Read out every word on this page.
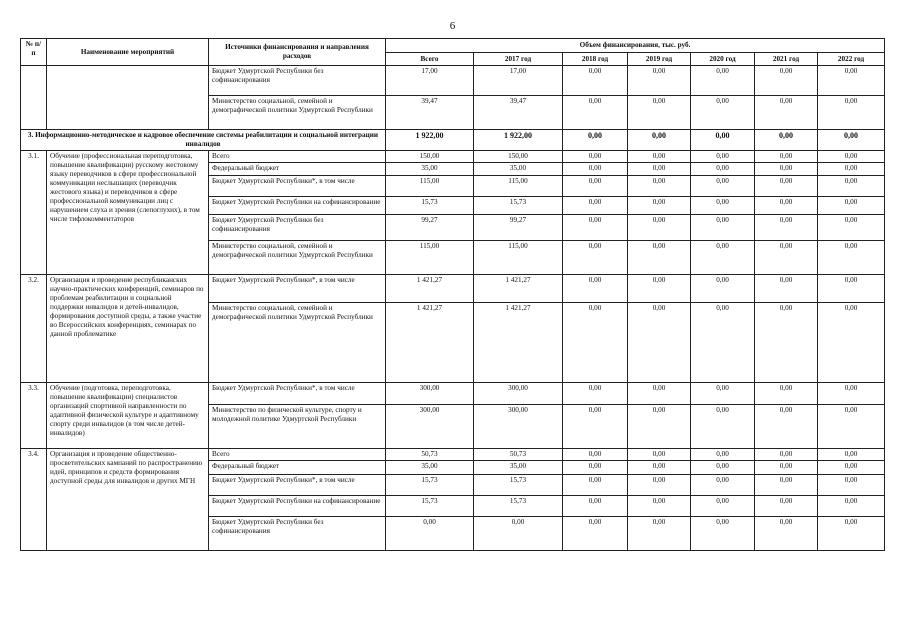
6
№ п/п	Наименование мероприятий	Источники финансирования и направления расходов	Объем финансирования, тыс. руб.						
			Всего	2017 год	2018 год	2019 год	2020 год	2021 год	2022 год
		Бюджет Удмуртской Республики без софинансирования	17,00	17,00	0,00	0,00	0,00	0,00	0,00
		Министерство социальной, семейной и демографической политики Удмуртской Республики	39,47	39,47	0,00	0,00	0,00	0,00	0,00
3. Информационно-методическое и кадровое обеспечение системы реабилитации и социальной интеграции инвалидов			1 922,00	1 922,00	0,00	0,00	0,00	0,00	0,00
3.1.	Обучение (профессиональная переподготовка, повышение квалификации) русскому жестовому языку переводчиков в сфере профессиональной коммуникации неслышащих (переводчик жестового языка) и переводчиков в сфере профессиональной коммуникации лиц с нарушением слуха и зрения (слепоглухих), в том числе тифлокомментаторов	Всего	150,00	150,00	0,00	0,00	0,00	0,00	0,00
		Федеральный бюджет	35,00	35,00	0,00	0,00	0,00	0,00	0,00
		Бюджет Удмуртской Республики*, в том числе	115,00	115,00	0,00	0,00	0,00	0,00	0,00
		Бюджет Удмуртской Республики на софинансирование	15,73	15,73	0,00	0,00	0,00	0,00	0,00
		Бюджет Удмуртской Республики без софинансирования	99,27	99,27	0,00	0,00	0,00	0,00	0,00
		Министерство социальной, семейной и демографической политики Удмуртской Республики	115,00	115,00	0,00	0,00	0,00	0,00	0,00
3.2.	Организация и проведение республиканских научно-практических конференций, семинаров по проблемам реабилитации и социальной поддержки инвалидов и детей-инвалидов, формирования доступной среды, а также участие во Всероссийских конференциях, семинарах по данной проблематике	Бюджет Удмуртской Республики*, в том числе	1 421,27	1 421,27	0,00	0,00	0,00	0,00	0,00
		Министерство социальной, семейной и демографической политики Удмуртской Республики	1 421,27	1 421,27	0,00	0,00	0,00	0,00	0,00
3.3.	Обучение (подготовка, переподготовка, повышение квалификации) специалистов организаций спортивной направленности по адаптивной физической культуре и адаптивному спорту среди инвалидов (в том числе детей-инвалидов)	Бюджет Удмуртской Республики*, в том числе	300,00	300,00	0,00	0,00	0,00	0,00	0,00
		Министерство по физической культуре, спорту и молодежной политике Удмуртской Республики	300,00	300,00	0,00	0,00	0,00	0,00	0,00
3.4.	Организация и проведение общественно-просветительских кампаний по распространению идей, принципов и средств формирования доступной среды для инвалидов и других МГН	Всего	50,73	50,73	0,00	0,00	0,00	0,00	0,00
		Федеральный бюджет	35,00	35,00	0,00	0,00	0,00	0,00	0,00
		Бюджет Удмуртской Республики*, в том числе	15,73	15,73	0,00	0,00	0,00	0,00	0,00
		Бюджет Удмуртской Республики на софинансирование	15,73	15,73	0,00	0,00	0,00	0,00	0,00
		Бюджет Удмуртской Республики без софинансирования	0,00	0,00	0,00	0,00	0,00	0,00	0,00
